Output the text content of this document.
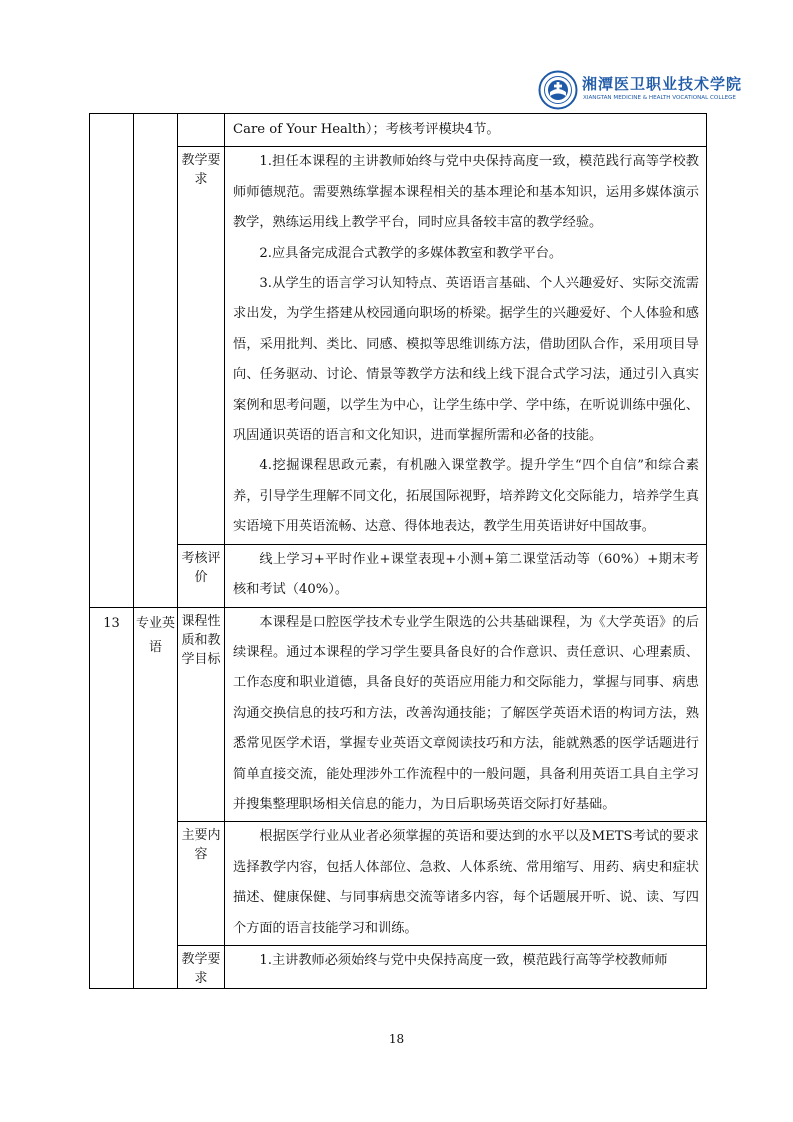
湘潭医卫职业技术学院
XIANGTAN MEDICINE & HEALTH VOCATIONAL COLLEGE

			Care of Your Health）；考核考评模块4节。

		教学要求	1.担任本课程的主讲教师始终与党中央保持高度一致，模范践行高等学校教师师德规范。需要熟练掌握本课程相关的基本理论和基本知识，运用多媒体演示教学，熟练运用线上教学平台，同时应具备较丰富的教学经验。

2.应具备完成混合式教学的多媒体教室和教学平台。

3.从学生的语言学习认知特点、英语语言基础、个人兴趣爱好、实际交流需求出发，为学生搭建从校园通向职场的桥梁。据学生的兴趣爱好、个人体验和感悟，采用批判、类比、同感、模拟等思维训练方法，借助团队合作，采用项目导向、任务驱动、讨论、情景等教学方法和线上线下混合式学习法，通过引入真实案例和思考问题，以学生为中心，让学生练中学、学中练，在听说训练中强化、巩固通识英语的语言和文化知识，进而掌握所需和必备的技能。

4.挖掘课程思政元素，有机融入课堂教学。提升学生“四个自信”和综合素养，引导学生理解不同文化，拓展国际视野，培养跨文化交际能力，培养学生真实语境下用英语流畅、达意、得体地表达，教学生用英语讲好中国故事。

		考核评价	线上学习+平时作业+课堂表现+小测+第二课堂活动等（60%）+期末考核和考试（40%）。

13	专业英语	课程性质和教学目标	本课程是口腔医学技术专业学生限选的公共基础课程，为《大学英语》的后续课程。通过本课程的学习学生要具备良好的合作意识、责任意识、心理素质、工作态度和职业道德，具备良好的英语应用能力和交际能力，掌握与同事、病患沟通交换信息的技巧和方法，改善沟通技能；了解医学英语术语的构词方法，熟悉常见医学术语，掌握专业英语文章阅读技巧和方法，能就熟悉的医学话题进行简单直接交流，能处理涉外工作流程中的一般问题，具备利用英语工具自主学习并搜集整理职场相关信息的能力，为日后职场英语交际打好基础。

		主要内容	根据医学行业从业者必须掌握的英语和要达到的水平以及METS考试的要求选择教学内容，包括人体部位、急救、人体系统、常用缩写、用药、病史和症状描述、健康保健、与同事病患交流等诸多内容，每个话题展开听、说、读、写四个方面的语言技能学习和训练。

		教学要求	1.主讲教师必须始终与党中央保持高度一致，模范践行高等学校教师师

18
